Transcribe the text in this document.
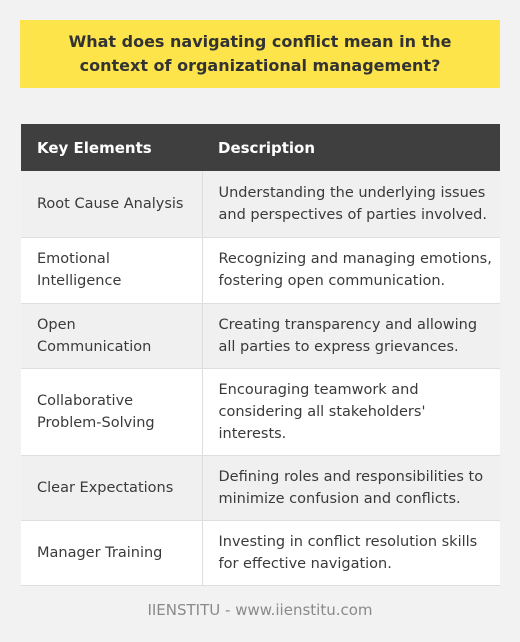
What does navigating conflict mean in the context of organizational management?
Key Elements	Description
Root Cause Analysis	Understanding the underlying issues and perspectives of parties involved.
Emotional Intelligence	Recognizing and managing emotions, fostering open communication.
Open Communication	Creating transparency and allowing all parties to express grievances.
Collaborative Problem-Solving	Encouraging teamwork and considering all stakeholders' interests.
Clear Expectations	Defining roles and responsibilities to minimize confusion and conflicts.
Manager Training	Investing in conflict resolution skills for effective navigation.
IIENSTITU - www.iienstitu.com
